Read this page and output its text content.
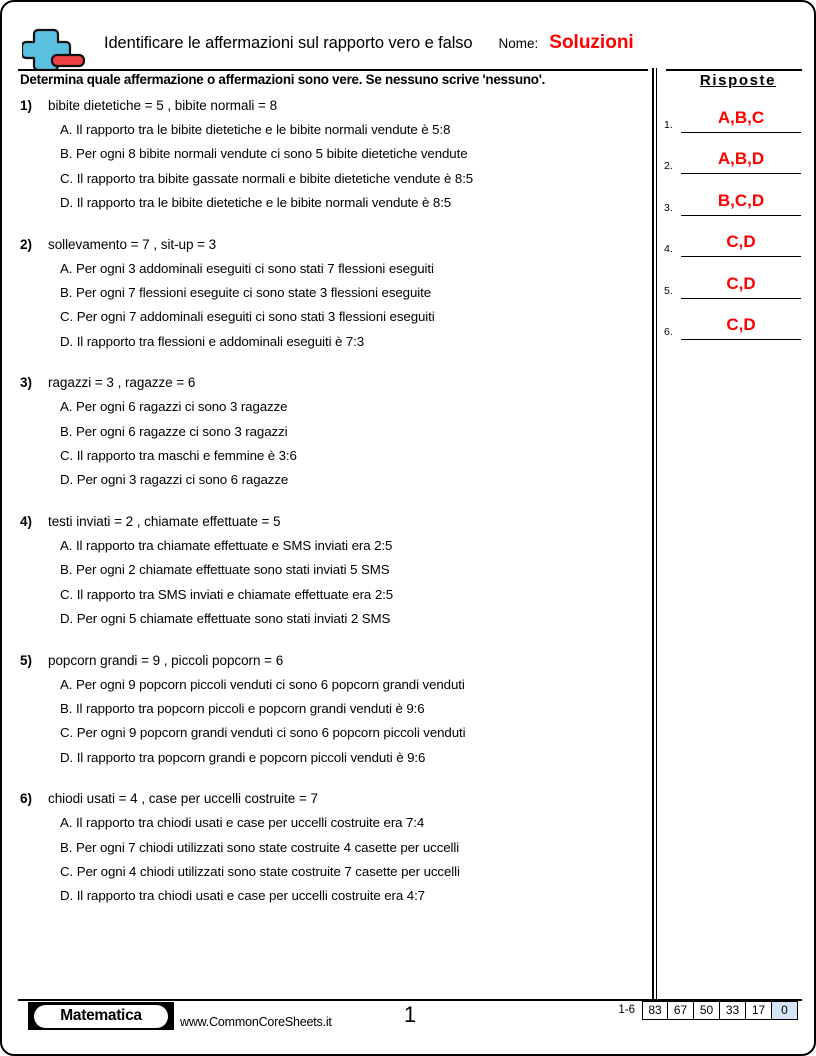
Identificare le affermazioni sul rapporto vero e falso Nome: Soluzioni
Determina quale affermazione o affermazioni sono vere. Se nessuno scrive 'nessuno'.
1)	bibite dietetiche = 5 , bibite normali = 8
A. Il rapporto tra le bibite dietetiche e le bibite normali vendute è 5:8
B. Per ogni 8 bibite normali vendute ci sono 5 bibite dietetiche vendute
C. Il rapporto tra bibite gassate normali e bibite dietetiche vendute è 8:5
D. Il rapporto tra le bibite dietetiche e le bibite normali vendute è 8:5
2)	sollevamento = 7 , sit-up = 3
A. Per ogni 3 addominali eseguiti ci sono stati 7 flessioni eseguiti
B. Per ogni 7 flessioni eseguite ci sono state 3 flessioni eseguite
C. Per ogni 7 addominali eseguiti ci sono stati 3 flessioni eseguiti
D. Il rapporto tra flessioni e addominali eseguiti è 7:3
3)	ragazzi = 3 , ragazze = 6
A. Per ogni 6 ragazzi ci sono 3 ragazze
B. Per ogni 6 ragazze ci sono 3 ragazzi
C. Il rapporto tra maschi e femmine è 3:6
D. Per ogni 3 ragazzi ci sono 6 ragazze
4)	testi inviati = 2 , chiamate effettuate = 5
A. Il rapporto tra chiamate effettuate e SMS inviati era 2:5
B. Per ogni 2 chiamate effettuate sono stati inviati 5 SMS
C. Il rapporto tra SMS inviati e chiamate effettuate era 2:5
D. Per ogni 5 chiamate effettuate sono stati inviati 2 SMS
5)	popcorn grandi = 9 , piccoli popcorn = 6
A. Per ogni 9 popcorn piccoli venduti ci sono 6 popcorn grandi venduti
B. Il rapporto tra popcorn piccoli e popcorn grandi venduti è 9:6
C. Per ogni 9 popcorn grandi venduti ci sono 6 popcorn piccoli venduti
D. Il rapporto tra popcorn grandi e popcorn piccoli venduti è 9:6
6)	chiodi usati = 4 , case per uccelli costruite = 7
A. Il rapporto tra chiodi usati e case per uccelli costruite era 7:4
B. Per ogni 7 chiodi utilizzati sono state costruite 4 casette per uccelli
C. Per ogni 4 chiodi utilizzati sono state costruite 7 casette per uccelli
D. Il rapporto tra chiodi usati e case per uccelli costruite era 4:7
Risposte
1.	A,B,C
2.	A,B,D
3.	B,C,D
4.	C,D
5.	C,D
6.	C,D
Matematica	www.CommonCoreSheets.it	1	1-6	83	67	50	33	17	0
